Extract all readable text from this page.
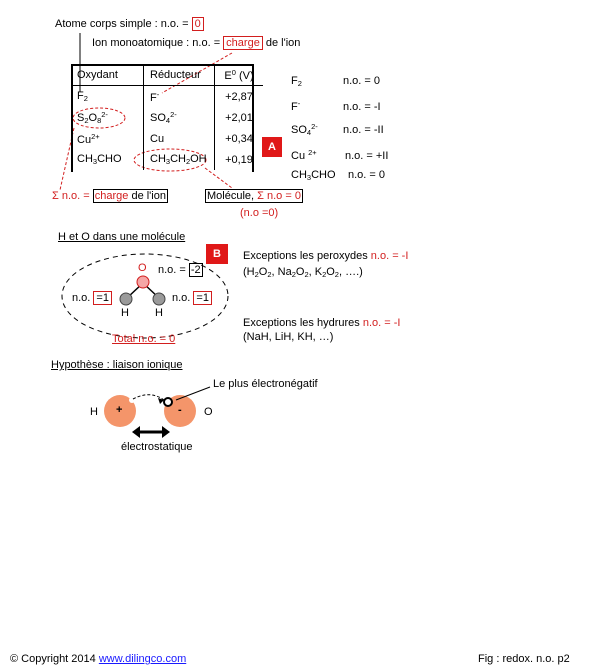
Atome corps simple : n.o. = 0
Ion monoatomique : n.o. = charge de l'ion
Oxydant	Réducteur	$E^0$ (V)
$F_2$	F-	+2,87
$S_2O_8^{2-}$	$SO_4^{2-}$	+2,01
$Cu^{2+}$	Cu	+0,34
$CH_3CHO$	$CH_3CH_2OH$	+0,19
A
$F_2$	n.o. = 0
F-	n.o. = -I
$SO_4^{2-}$ n.o. = -II
Cu $^{2+}$	n.o. = +II
$CH_3CHO$ n.o. = 0
Σ n.o. = charge de l'ion	Molécule, Σ n.o = 0
(n.o =0)
H et O dans une molécule
B
O n.o. = -2
n.o. =1	n.o. =1
H H
Total n.o. = 0
Exceptions les peroxydes n.o. = -I
($H_2O_2$, $Na_2O_2$, $K_2O_2$, ….)
Exceptions les hydrures n.o. = -I
(NaH, LiH, KH, …)
Hypothèse : liaison ionique
H +	- O
Le plus électronégatif
électrostatique
© Copyright 2014 www.dilingco.com	Fig : redox. n.o. p2
